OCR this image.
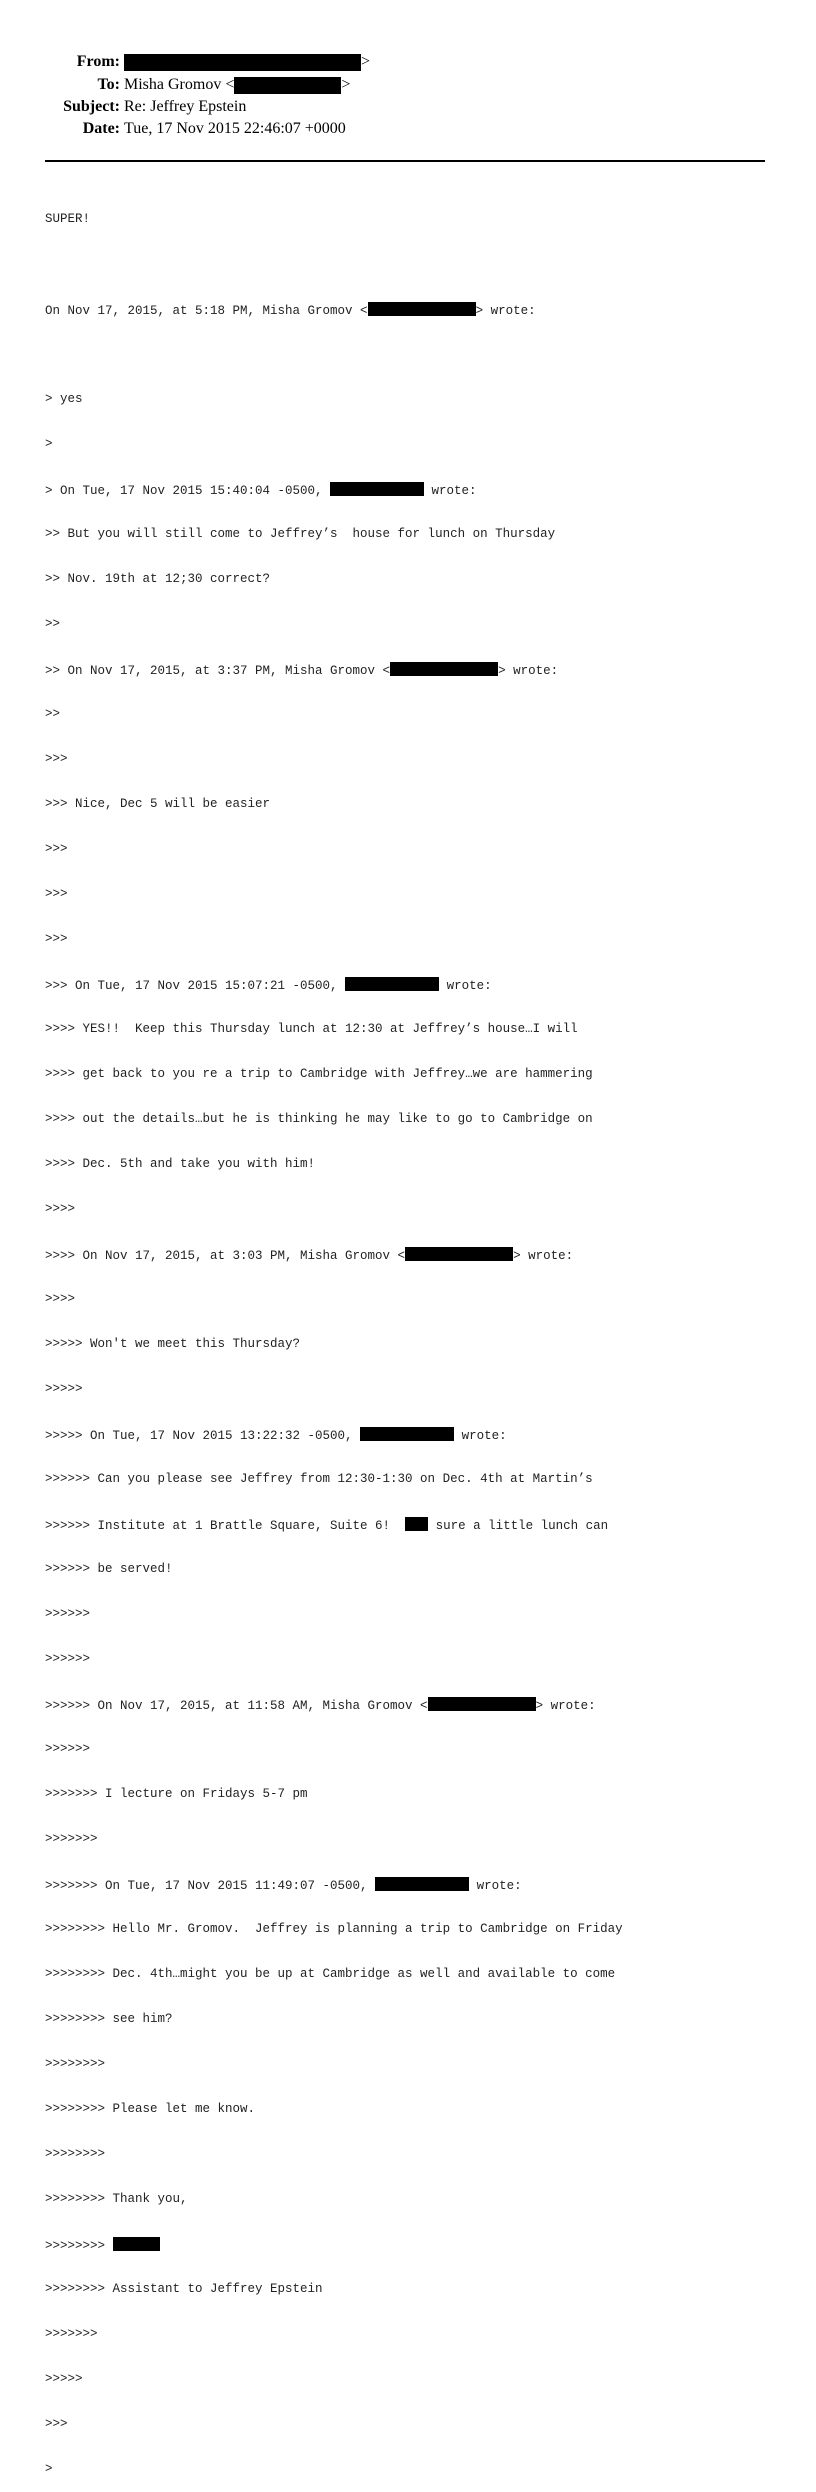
From:	>
To: Misha Gromov <	>
Subject: Re: Jeffrey Epstein
Date: Tue, 17 Nov 2015 22:46:07 +0000

SUPER!

On Nov 17, 2015, at 5:18 PM, Misha Gromov <	> wrote:

> yes

>

> On Tue, 17 Nov 2015 15:40:04 -0500,	wrote:

>> But you will still come to Jeffrey’s  house for lunch on Thursday

>> Nov. 19th at 12;30 correct?

>>

>> On Nov 17, 2015, at 3:37 PM, Misha Gromov <	> wrote:

>>

>>>

>>> Nice, Dec 5 will be easier

>>>

>>>

>>>

>>> On Tue, 17 Nov 2015 15:07:21 -0500,	wrote:

>>>> YES!!  Keep this Thursday lunch at 12:30 at Jeffrey’s house…I will

>>>> get back to you re a trip to Cambridge with Jeffrey…we are hammering

>>>> out the details…but he is thinking he may like to go to Cambridge on

>>>> Dec. 5th and take you with him!

>>>>

>>>> On Nov 17, 2015, at 3:03 PM, Misha Gromov <	> wrote:

>>>>

>>>>> Won't we meet this Thursday?

>>>>>

>>>>> On Tue, 17 Nov 2015 13:22:32 -0500,	wrote:

>>>>>> Can you please see Jeffrey from 12:30-1:30 on Dec. 4th at Martin’s

>>>>>> Institute at 1 Brattle Square, Suite 6!   sure a little lunch can

>>>>>> be served!

>>>>>>

>>>>>>

>>>>>> On Nov 17, 2015, at 11:58 AM, Misha Gromov <	> wrote:

>>>>>>

>>>>>>> I lecture on Fridays 5-7 pm

>>>>>>>

>>>>>>> On Tue, 17 Nov 2015 11:49:07 -0500,	wrote:

>>>>>>>> Hello Mr. Gromov.  Jeffrey is planning a trip to Cambridge on Friday

>>>>>>>> Dec. 4th…might you be up at Cambridge as well and available to come

>>>>>>>> see him?

>>>>>>>>

>>>>>>>> Please let me know.

>>>>>>>>

>>>>>>>> Thank you,

>>>>>>>>

>>>>>>>> Assistant to Jeffrey Epstein

>>>>>>>

>>>>>

>>>

>
